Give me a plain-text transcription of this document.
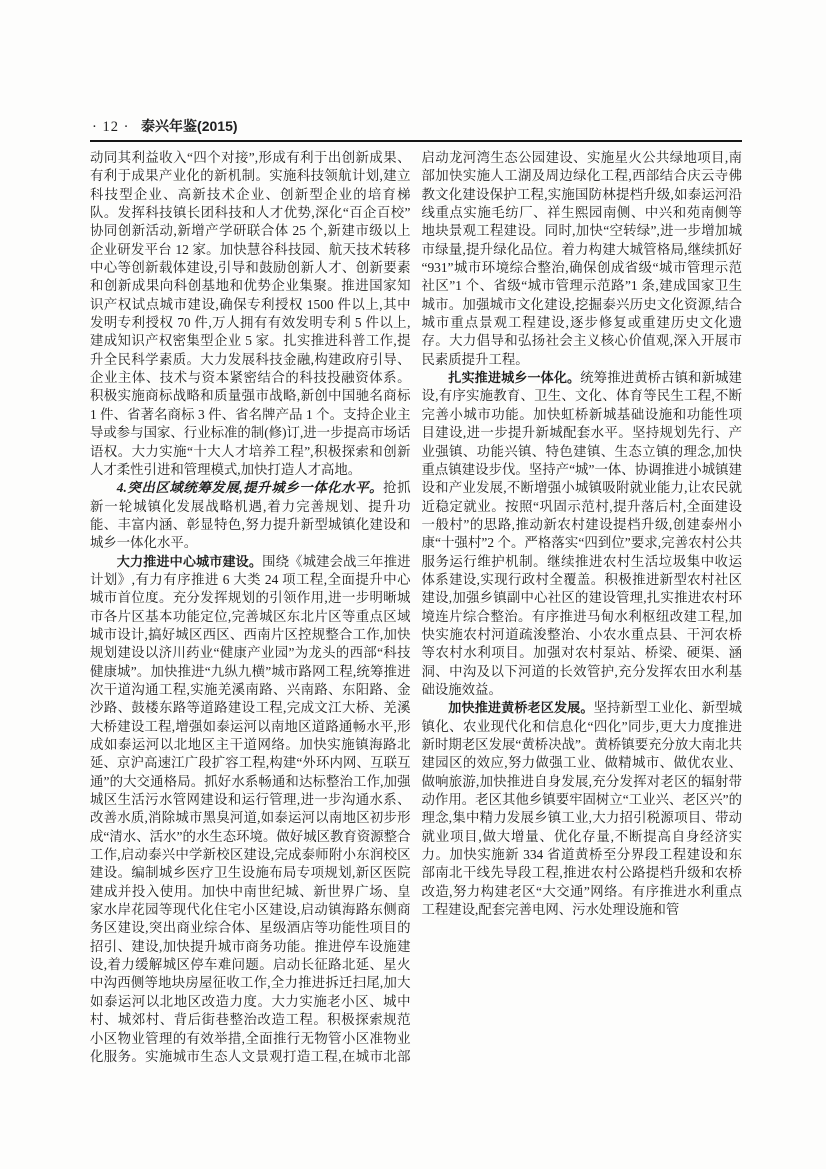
· 12 · 泰兴年鉴(2015)

动同其利益收入“四个对接”,形成有利于出创新成果、有利于成果产业化的新机制。实施科技领航计划,建立科技型企业、高新技术企业、创新型企业的培育梯队。发挥科技镇长团科技和人才优势,深化“百企百校”协同创新活动,新增产学研联合体 25 个,新建市级以上企业研发平台 12 家。加快慧谷科技园、航天技术转移中心等创新载体建设,引导和鼓励创新人才、创新要素和创新成果向科创基地和优势企业集聚。推进国家知识产权试点城市建设,确保专利授权 1500 件以上,其中发明专利授权 70 件,万人拥有有效发明专利 5 件以上,建成知识产权密集型企业 5 家。扎实推进科普工作,提升全民科学素质。大力发展科技金融,构建政府引导、企业主体、技术与资本紧密结合的科技投融资体系。积极实施商标战略和质量强市战略,新创中国驰名商标 1 件、省著名商标 3 件、省名牌产品 1 个。支持企业主导或参与国家、行业标准的制(修)订,进一步提高市场话语权。大力实施“十大人才培养工程”,积极探索和创新人才柔性引进和管理模式,加快打造人才高地。

4.突出区域统筹发展,提升城乡一体化水平。抢抓新一轮城镇化发展战略机遇,着力完善规划、提升功能、丰富内涵、彰显特色,努力提升新型城镇化建设和城乡一体化水平。

大力推进中心城市建设。围绕《城建会战三年推进计划》,有力有序推进 6 大类 24 项工程,全面提升中心城市首位度。充分发挥规划的引领作用,进一步明晰城市各片区基本功能定位,完善城区东北片区等重点区域城市设计,搞好城区西区、西南片区控规整合工作,加快规划建设以济川药业“健康产业园”为龙头的西部“科技健康城”。加快推进“九纵九横”城市路网工程,统筹推进次干道沟通工程,实施羌溪南路、兴南路、东阳路、金沙路、鼓楼东路等道路建设工程,完成文江大桥、羌溪大桥建设工程,增强如泰运河以南地区道路通畅水平,形成如泰运河以北地区主干道网络。加快实施镇海路北延、京沪高速江广段扩容工程,构建“外环内网、互联互通”的大交通格局。抓好水系畅通和达标整治工作,加强城区生活污水管网建设和运行管理,进一步沟通水系、改善水质,消除城市黑臭河道,如泰运河以南地区初步形成“清水、活水”的水生态环境。做好城区教育资源整合工作,启动泰兴中学新校区建设,完成泰师附小东润校区建设。编制城乡医疗卫生设施布局专项规划,新区医院建成并投入使用。加快中南世纪城、新世界广场、皇家水岸花园等现代化住宅小区建设,启动镇海路东侧商务区建设,突出商业综合体、星级酒店等功能性项目的招引、建设,加快提升城市商务功能。推进停车设施建设,着力缓解城区停车难问题。启动长征路北延、星火中沟西侧等地块房屋征收工作,全力推进拆迁扫尾,加大如泰运河以北地区改造力度。大力实施老小区、城中村、城郊村、背后街巷整治改造工程。积极探索规范小区物业管理的有效举措,全面推行无物管小区准物业化服务。实施城市生态人文景观打造工程,在城市北部启动龙河湾生态公园建设、实施星火公共绿地项目,南部加快实施人工湖及周边绿化工程,西部结合庆云寺佛教文化建设保护工程,实施国防林提档升级,如泰运河沿线重点实施毛纺厂、祥生熙园南侧、中兴和苑南侧等地块景观工程建设。同时,加快“空转绿”,进一步增加城市绿量,提升绿化品位。着力构建大城管格局,继续抓好“931”城市环境综合整治,确保创成省级“城市管理示范社区”1 个、省级“城市管理示范路”1 条,建成国家卫生城市。加强城市文化建设,挖掘泰兴历史文化资源,结合城市重点景观工程建设,逐步修复或重建历史文化遗存。大力倡导和弘扬社会主义核心价值观,深入开展市民素质提升工程。

扎实推进城乡一体化。统筹推进黄桥古镇和新城建设,有序实施教育、卫生、文化、体育等民生工程,不断完善小城市功能。加快虹桥新城基础设施和功能性项目建设,进一步提升新城配套水平。坚持规划先行、产业强镇、功能兴镇、特色建镇、生态立镇的理念,加快重点镇建设步伐。坚持产“城”一体、协调推进小城镇建设和产业发展,不断增强小城镇吸附就业能力,让农民就近稳定就业。按照“巩固示范村,提升落后村,全面建设一般村”的思路,推动新农村建设提档升级,创建泰州小康“十强村”2 个。严格落实“四到位”要求,完善农村公共服务运行维护机制。继续推进农村生活垃圾集中收运体系建设,实现行政村全覆盖。积极推进新型农村社区建设,加强乡镇副中心社区的建设管理,扎实推进农村环境连片综合整治。有序推进马甸水利枢纽改建工程,加快实施农村河道疏浚整治、小农水重点县、干河农桥等农村水利项目。加强对农村泵站、桥梁、硬渠、涵洞、中沟及以下河道的长效管护,充分发挥农田水利基础设施效益。

加快推进黄桥老区发展。坚持新型工业化、新型城镇化、农业现代化和信息化“四化”同步,更大力度推进新时期老区发展“黄桥决战”。黄桥镇要充分放大南北共建园区的效应,努力做强工业、做精城市、做优农业、做响旅游,加快推进自身发展,充分发挥对老区的辐射带动作用。老区其他乡镇要牢固树立“工业兴、老区兴”的理念,集中精力发展乡镇工业,大力招引税源项目、带动就业项目,做大增量、优化存量,不断提高自身经济实力。加快实施新 334 省道黄桥至分界段工程建设和东部南北干线先导段工程,推进农村公路提档升级和农桥改造,努力构建老区“大交通”网络。有序推进水利重点工程建设,配套完善电网、污水处理设施和管
